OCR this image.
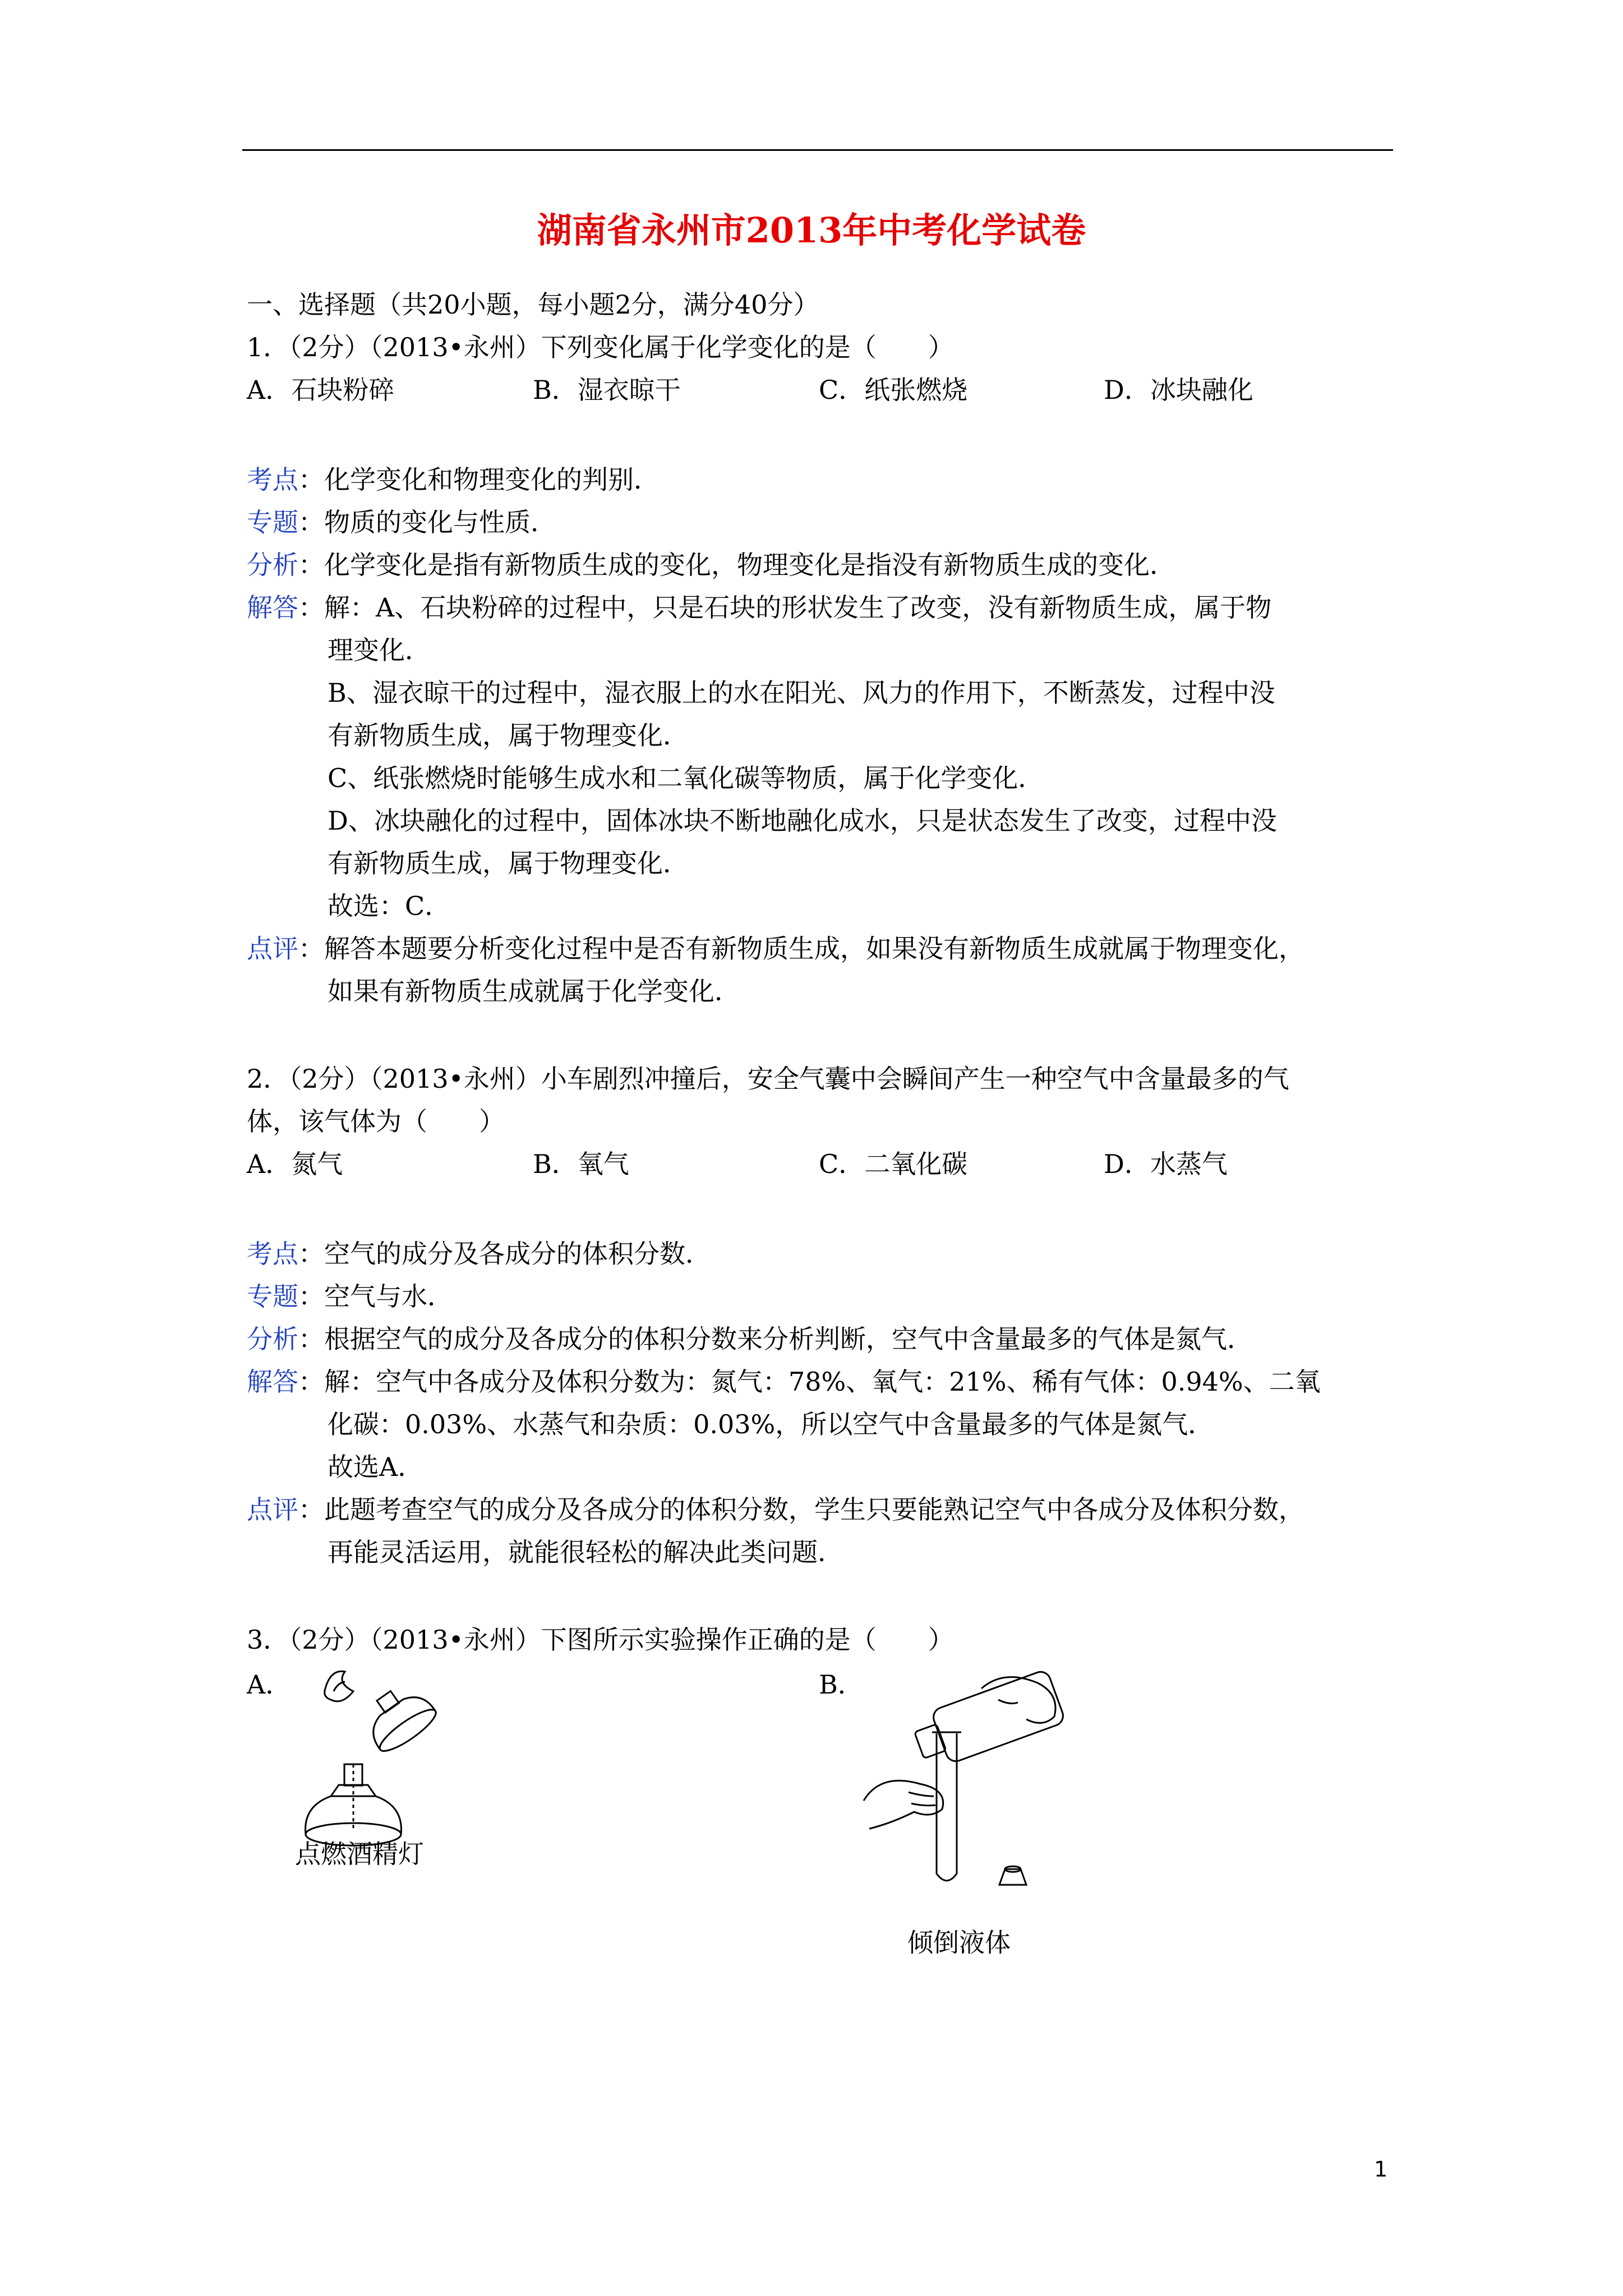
湖南省永州市2013年中考化学试卷
一、选择题（共20小题，每小题2分，满分40分）
1．（2分）（2013•永州）下列变化属于化学变化的是（　　）
A．石块粉碎	B．湿衣晾干	C．纸张燃烧	D．冰块融化
考点：化学变化和物理变化的判别．
专题：物质的变化与性质．
分析：化学变化是指有新物质生成的变化，物理变化是指没有新物质生成的变化．
解答：解：A、石块粉碎的过程中，只是石块的形状发生了改变，没有新物质生成，属于物
理变化．
B、湿衣晾干的过程中，湿衣服上的水在阳光、风力的作用下，不断蒸发，过程中没
有新物质生成，属于物理变化．
C、纸张燃烧时能够生成水和二氧化碳等物质，属于化学变化．
D、冰块融化的过程中，固体冰块不断地融化成水，只是状态发生了改变，过程中没
有新物质生成，属于物理变化．
故选：C．
点评：解答本题要分析变化过程中是否有新物质生成，如果没有新物质生成就属于物理变化，
如果有新物质生成就属于化学变化．
2．（2分）（2013•永州）小车剧烈冲撞后，安全气囊中会瞬间产生一种空气中含量最多的气
体，该气体为（　　）
A．氮气	B．氧气	C．二氧化碳	D．水蒸气
考点：空气的成分及各成分的体积分数．
专题：空气与水．
分析：根据空气的成分及各成分的体积分数来分析判断，空气中含量最多的气体是氮气．
解答：解：空气中各成分及体积分数为：氮气：78%、氧气：21%、稀有气体：0.94%、二氧
化碳：0.03%、水蒸气和杂质：0.03%，所以空气中含量最多的气体是氮气．
故选A．
点评：此题考查空气的成分及各成分的体积分数，学生只要能熟记空气中各成分及体积分数，
再能灵活运用，就能很轻松的解决此类问题．
3．（2分）（2013•永州）下图所示实验操作正确的是（　　）
A．	B．
点燃酒精灯
倾倒液体
1
